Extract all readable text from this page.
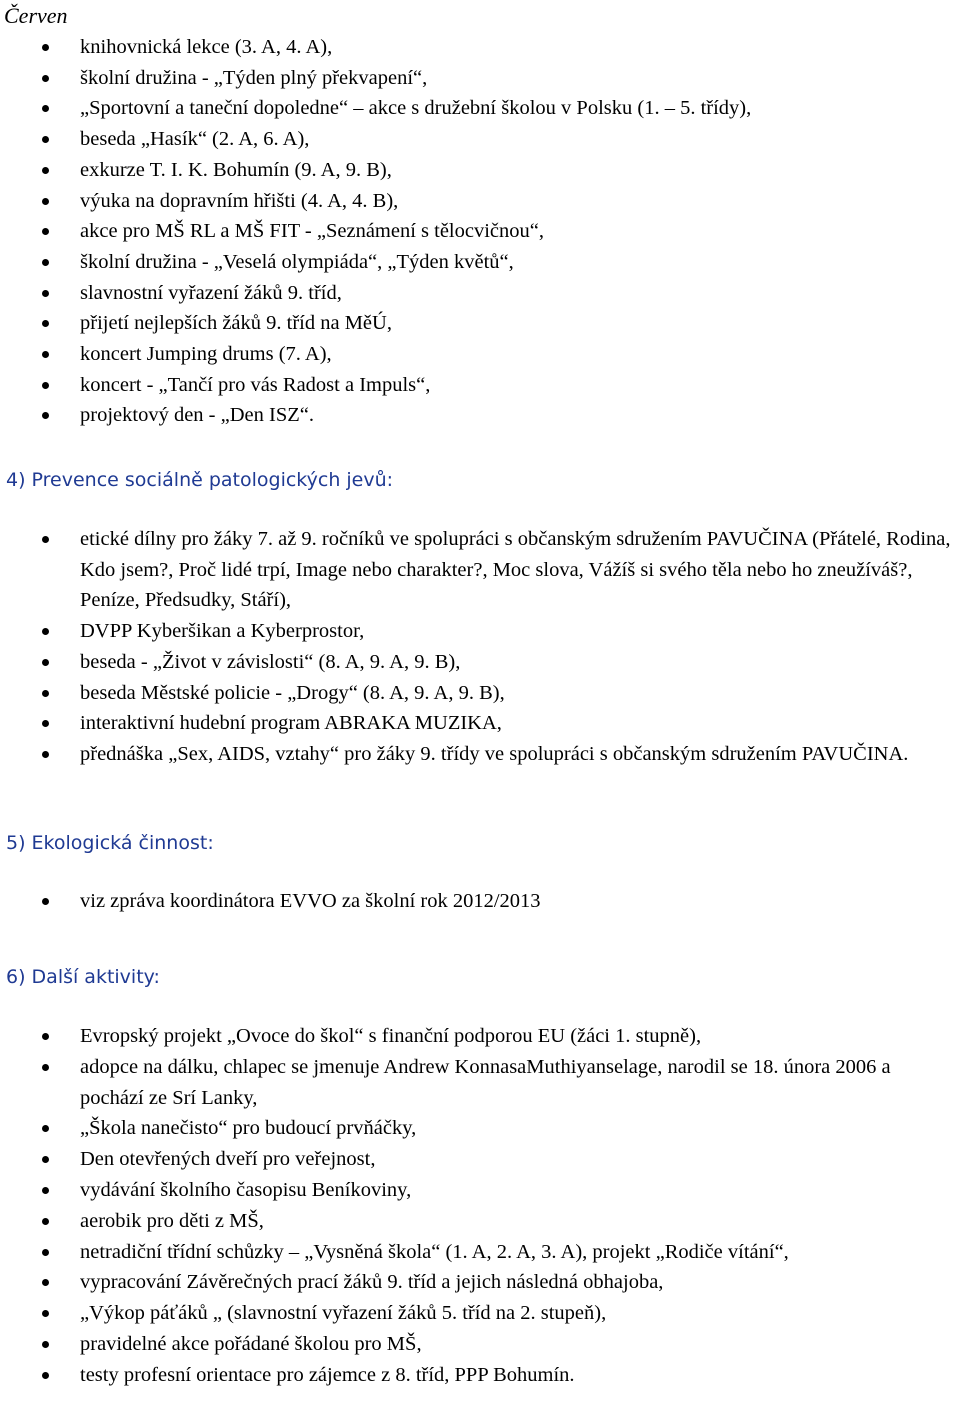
Červen
knihovnická lekce (3. A, 4. A),
školní družina - „Týden plný překvapení“,
„Sportovní a taneční dopoledne“ – akce s družební školou v Polsku (1. – 5. třídy),
beseda „Hasík“ (2. A, 6. A),
exkurze T. I. K. Bohumín (9. A, 9. B),
výuka na dopravním hřišti (4. A, 4. B),
akce pro MŠ RL a MŠ FIT - „Seznámení s tělocvičnou“,
školní družina - „Veselá olympiáda“, „Týden květů“,
slavnostní vyřazení žáků 9. tříd,
přijetí nejlepších žáků 9. tříd na MěÚ,
koncert Jumping drums (7. A),
koncert - „Tančí pro vás Radost a Impuls“,
projektový den - „Den ISZ“.
4) Prevence sociálně patologických jevů:
etické dílny pro žáky 7. až 9. ročníků ve spolupráci s občanským sdružením PAVUČINA (Přátelé, Rodina, Kdo jsem?, Proč lidé trpí, Image nebo charakter?, Moc slova, Vážíš si svého těla nebo ho zneužíváš?, Peníze, Předsudky, Stáří),
DVPP Kyberšikan a Kyberprostor,
beseda - „Život v závislosti“ (8. A, 9. A, 9. B),
beseda Městské policie - „Drogy“ (8. A, 9. A, 9. B),
interaktivní hudební program ABRAKA MUZIKA,
přednáška „Sex, AIDS, vztahy“ pro žáky 9. třídy ve spolupráci s občanským sdružením PAVUČINA.
5) Ekologická činnost:
viz zpráva koordinátora EVVO za školní rok 2012/2013
6) Další aktivity:
Evropský projekt „Ovoce do škol“ s finanční podporou EU (žáci 1. stupně),
adopce na dálku, chlapec se jmenuje Andrew KonnasaMuthiyanselage, narodil se 18. února 2006 a pochází ze Srí Lanky,
„Škola nanečisto“ pro budoucí prvňáčky,
Den otevřených dveří pro veřejnost,
vydávání školního časopisu Beníkoviny,
aerobik pro děti z MŠ,
netradiční třídní schůzky – „Vysněná škola“ (1. A, 2. A, 3. A), projekt „Rodiče vítání“,
vypracování Závěrečných prací žáků 9. tříd a jejich následná obhajoba,
„Výkop páťáků „ (slavnostní vyřazení žáků 5. tříd na 2. stupeň),
pravidelné akce pořádané školou pro MŠ,
testy profesní orientace pro zájemce z 8. tříd, PPP Bohumín.
